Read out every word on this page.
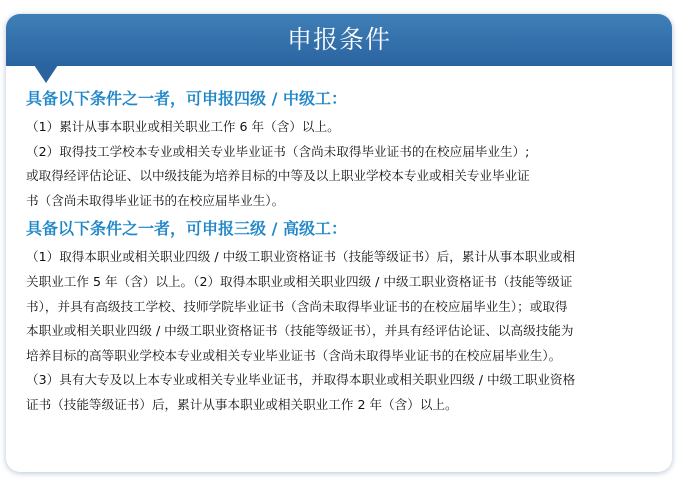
申报条件
具备以下条件之一者，可申报四级 / 中级工：
（1）累计从事本职业或相关职业工作 6 年（含）以上。
（2）取得技工学校本专业或相关专业毕业证书（含尚未取得毕业证书的在校应届毕业生）;
或取得经评估论证、以中级技能为培养目标的中等及以上职业学校本专业或相关专业毕业证
书（含尚未取得毕业证书的在校应届毕业生）。
具备以下条件之一者，可申报三级 / 高级工：
（1）取得本职业或相关职业四级 / 中级工职业资格证书（技能等级证书）后，累计从事本职业或相
关职业工作 5 年（含）以上。（2）取得本职业或相关职业四级 / 中级工职业资格证书（技能等级证
书），并具有高级技工学校、技师学院毕业证书（含尚未取得毕业证书的在校应届毕业生）；或取得
本职业或相关职业四级 / 中级工职业资格证书（技能等级证书），并具有经评估论证、以高级技能为
培养目标的高等职业学校本专业或相关专业毕业证书（含尚未取得毕业证书的在校应届毕业生）。
（3）具有大专及以上本专业或相关专业毕业证书，并取得本职业或相关职业四级 / 中级工职业资格
证书（技能等级证书）后，累计从事本职业或相关职业工作 2 年（含）以上。
